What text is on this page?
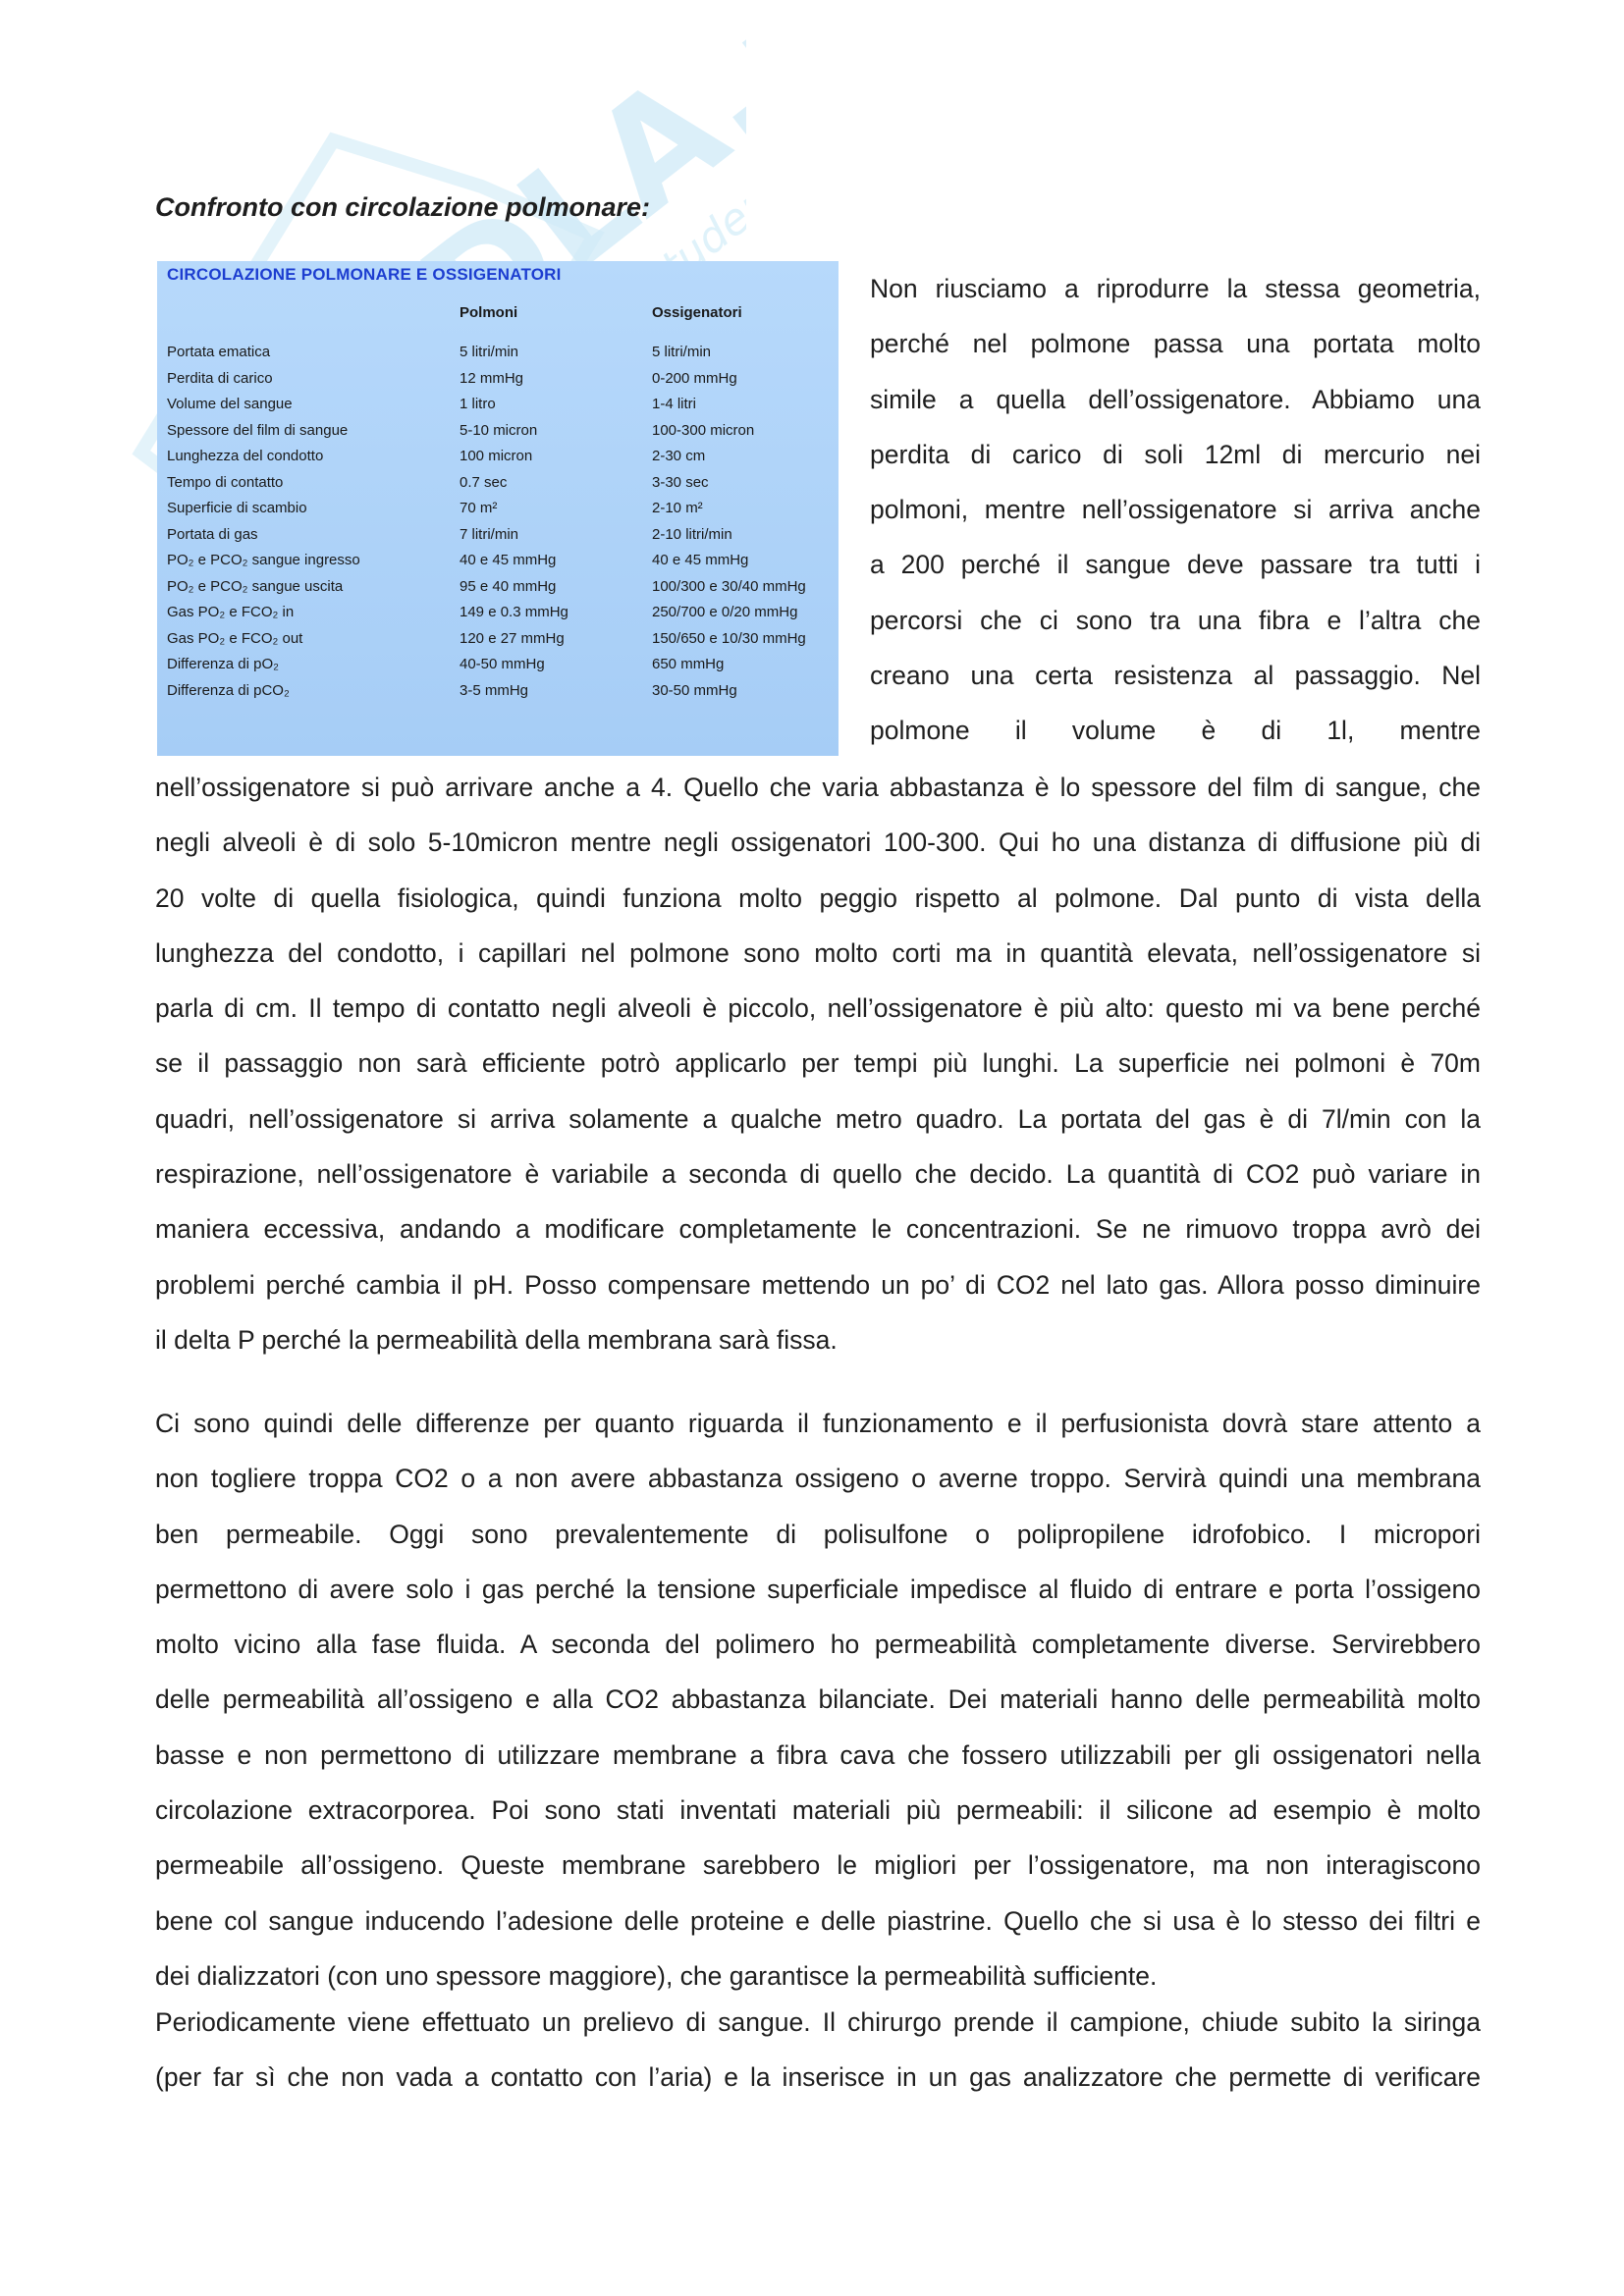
Confronto con circolazione polmonare:
CIRCOLAZIONE POLMONARE E OSSIGENATORI
Polmoni	Ossigenatori
Portata ematica	5 litri/min	5 litri/min
Perdita di carico	12 mmHg	0-200 mmHg
Volume del sangue	1 litro	1-4 litri
Spessore del film di sangue	5-10 micron	100-300 micron
Lunghezza del condotto	100 micron	2-30 cm
Tempo di contatto	0.7 sec	3-30 sec
Superficie di scambio	70 m²	2-10 m²
Portata di gas	7 litri/min	2-10 litri/min
PO₂ e PCO₂ sangue ingresso	40 e 45 mmHg	40 e 45 mmHg
PO₂ e PCO₂ sangue uscita	95 e 40 mmHg	100/300 e 30/40 mmHg
Gas PO₂ e FCO₂ in	149 e 0.3 mmHg	250/700 e 0/20 mmHg
Gas PO₂ e FCO₂ out	120 e 27 mmHg	150/650 e 10/30 mmHg
Differenza di pO₂	40-50 mmHg	650 mmHg
Differenza di pCO₂	3-5 mmHg	30-50 mmHg
Non riusciamo a riprodurre la stessa geometria,
perché nel polmone passa una portata molto
simile a quella dell’ossigenatore. Abbiamo una
perdita di carico di soli 12ml di mercurio nei
polmoni, mentre nell’ossigenatore si arriva anche
a 200 perché il sangue deve passare tra tutti i
percorsi che ci sono tra una fibra e l’altra che
creano una certa resistenza al passaggio. Nel
polmone il volume è di 1l, mentre
nell’ossigenatore si può arrivare anche a 4. Quello che varia abbastanza è lo spessore del film di sangue, che
negli alveoli è di solo 5-10micron mentre negli ossigenatori 100-300. Qui ho una distanza di diffusione più di
20 volte di quella fisiologica, quindi funziona molto peggio rispetto al polmone. Dal punto di vista della
lunghezza del condotto, i capillari nel polmone sono molto corti ma in quantità elevata, nell’ossigenatore si
parla di cm. Il tempo di contatto negli alveoli è piccolo, nell’ossigenatore è più alto: questo mi va bene perché
se il passaggio non sarà efficiente potrò applicarlo per tempi più lunghi. La superficie nei polmoni è 70m
quadri, nell’ossigenatore si arriva solamente a qualche metro quadro. La portata del gas è di 7l/min con la
respirazione, nell’ossigenatore è variabile a seconda di quello che decido. La quantità di CO2 può variare in
maniera eccessiva, andando a modificare completamente le concentrazioni. Se ne rimuovo troppa avrò dei
problemi perché cambia il pH. Posso compensare mettendo un po’ di CO2 nel lato gas. Allora posso diminuire
il delta P perché la permeabilità della membrana sarà fissa.
Ci sono quindi delle differenze per quanto riguarda il funzionamento e il perfusionista dovrà stare attento a
non togliere troppa CO2 o a non avere abbastanza ossigeno o averne troppo. Servirà quindi una membrana
ben permeabile. Oggi sono prevalentemente di polisulfone o polipropilene idrofobico. I micropori
permettono di avere solo i gas perché la tensione superficiale impedisce al fluido di entrare e porta l’ossigeno
molto vicino alla fase fluida. A seconda del polimero ho permeabilità completamente diverse. Servirebbero
delle permeabilità all’ossigeno e alla CO2 abbastanza bilanciate. Dei materiali hanno delle permeabilità molto
basse e non permettono di utilizzare membrane a fibra cava che fossero utilizzabili per gli ossigenatori nella
circolazione extracorporea. Poi sono stati inventati materiali più permeabili: il silicone ad esempio è molto
permeabile all’ossigeno. Queste membrane sarebbero le migliori per l’ossigenatore, ma non interagiscono
bene col sangue inducendo l’adesione delle proteine e delle piastrine. Quello che si usa è lo stesso dei filtri e
dei dializzatori (con uno spessore maggiore), che garantisce la permeabilità sufficiente.
Periodicamente viene effettuato un prelievo di sangue. Il chirurgo prende il campione, chiude subito la siringa
(per far sì che non vada a contatto con l’aria) e la inserisce in un gas analizzatore che permette di verificare
